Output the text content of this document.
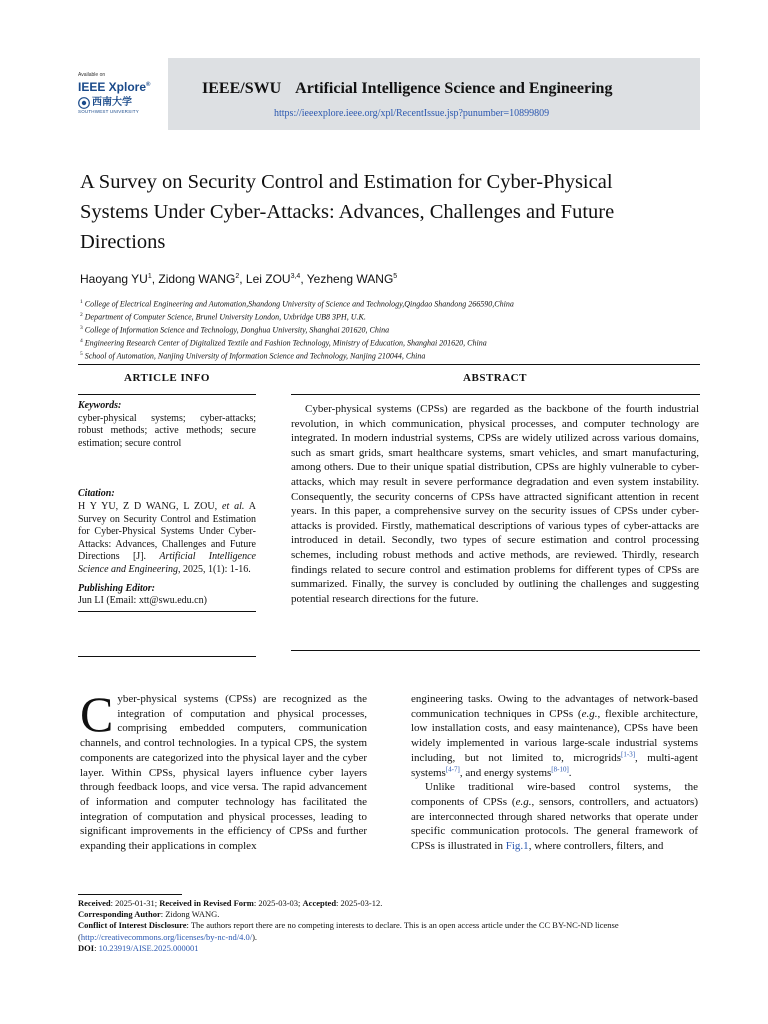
Available on
IEEE Xplore®
西南大学
SOUTHWEST UNIVERSITY
IEEE/SWU Artificial Intelligence Science and Engineering
https://ieeexplore.ieee.org/xpl/RecentIssue.jsp?punumber=10899809
A Survey on Security Control and Estimation for Cyber-Physical Systems Under Cyber-Attacks: Advances, Challenges and Future Directions
Haoyang $YU^1$, Zidong WANG$^2$, Lei ZOU$^{3,4}$, Yezheng WANG$^5$
$^1$ College of Electrical Engineering and Automation,Shandong University of Science and Technology,Qingdao Shandong 266590,China
$^2$ Department of Computer Science, Brunel University London, Uxbridge UB8 3PH, U.K.
$^3$ College of Information Science and Technology, Donghua University, Shanghai 201620, China
$^4$ Engineering Research Center of Digitalized Textile and Fashion Technology, Ministry of Education, Shanghai 201620, China
$^5$ School of Automation, Nanjing University of Information Science and Technology, Nanjing 210044, China
ARTICLE INFO	ABSTRACT
Keywords:
cyber-physical systems; cyber-attacks; robust methods; active methods; secure estimation; secure control
Citation:
H Y YU, Z D WANG, L ZOU, et al. A Survey on Security Control and Estimation for Cyber-Physical Systems Under Cyber-Attacks: Advances, Challenges and Future Directions [J]. Artificial Intelligence Science and Engineering, 2025, 1(1): 1-16.
Publishing Editor:
Jun LI (Email: xtt@swu.edu.cn)
Cyber-physical systems (CPSs) are regarded as the backbone of the fourth industrial revolution, in which communication, physical processes, and computer technology are integrated. In modern industrial systems, CPSs are widely utilized across various domains, such as smart grids, smart healthcare systems, smart vehicles, and smart manufacturing, among others. Due to their unique spatial distribution, CPSs are highly vulnerable to cyber-attacks, which may result in severe performance degradation and even system instability. Consequently, the security concerns of CPSs have attracted significant attention in recent years. In this paper, a comprehensive survey on the security issues of CPSs under cyber-attacks is provided. Firstly, mathematical descriptions of various types of cyber-attacks are introduced in detail. Secondly, two types of secure estimation and control processing schemes, including robust methods and active methods, are reviewed. Thirdly, research findings related to secure control and estimation problems for different types of CPSs are summarized. Finally, the survey is concluded by outlining the challenges and suggesting potential research directions for the future.
Cyber-physical systems (CPSs) are recognized as the integration of computation and physical processes, comprising embedded computers, communication channels, and control technologies. In a typical CPS, the system components are categorized into the physical layer and the cyber layer. Within CPSs, physical layers influence cyber layers through feedback loops, and vice versa. The rapid advancement of information and computer technology has facilitated the integration of computation and physical processes, leading to significant improvements in the efficiency of CPSs and further expanding their applications in complex

engineering tasks. Owing to the advantages of network-based communication techniques in CPSs (e.g., flexible architecture, low installation costs, and easy maintenance), CPSs have been widely implemented in various large-scale industrial systems including, but not limited to, microgrids[1-3], multi-agent systems[4-7], and energy systems[8-10].

Unlike traditional wire-based control systems, the components of CPSs (e.g., sensors, controllers, and actuators) are interconnected through shared networks that operate under specific communication protocols. The general framework of CPSs is illustrated in Fig.1, where controllers, filters, and

Received: 2025-01-31; Received in Revised Form: 2025-03-03; Accepted: 2025-03-12.
Corresponding Author: Zidong WANG.
Conflict of Interest Disclosure: The authors report there are no competing interests to declare. This is an open access article under the CC BY-NC-ND license (http://creativecommons.org/licenses/by-nc-nd/4.0/).
DOI: 10.23919/AISE.2025.000001
